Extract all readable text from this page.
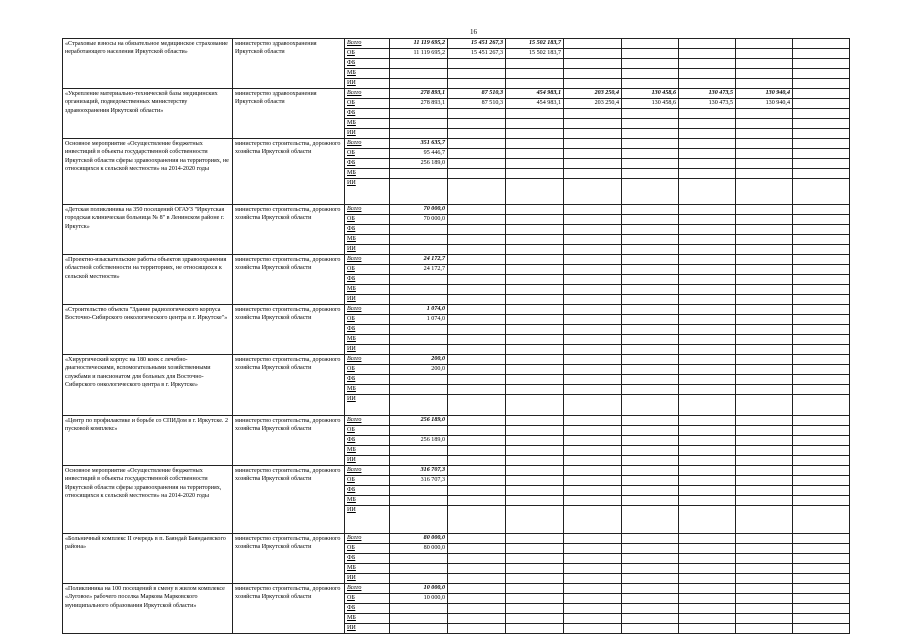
16
«Страховые взносы на обязательное медицинское страхование неработающего населения Иркутской области»	министерство здравоохранения Иркутской области	Всего	11 119 695,2	15 451 267,3	15 502 183,7					
		ОБ	11 119 695,2	15 451 267,3	15 502 183,7					
		ФБ								
		МБ								
		ИИ								
«Укрепление материально-технической базы медицинских организаций, подведомственных министерству здравоохранения Иркутской области»	министерство здравоохранения Иркутской области	Всего	278 893,1	87 510,3	454 983,1	203 250,4	130 458,6	130 473,5	130 940,4	
		ОБ	278 893,1	87 510,3	454 983,1	203 250,4	130 458,6	130 473,5	130 940,4	
		ФБ								
		МБ								
		ИИ								
Основное мероприятие «Осуществление бюджетных инвестиций в объекты государственной собственности Иркутской области сферы здравоохранения на территориях, не относящихся к сельской местности» на 2014-2020 годы	министерство строительства, дорожного хозяйства Иркутской области	Всего	351 635,7							
		ОБ	95 446,7							
		ФБ	256 189,0							
		МБ								
		ИИ								
«Детская поликлиника на 350 посещений ОГАУЗ "Иркутская городская клиническая больница № 8" в Ленинском районе г. Иркутск»	министерство строительства, дорожного хозяйства Иркутской области	Всего	70 000,0							
		ОБ	70 000,0							
		ФБ								
		МБ								
		ИИ								
«Проектно-изыскательские работы объектов здравоохранения областной собственности на территориях, не относящихся к сельской местности»	министерство строительства, дорожного хозяйства Иркутской области	Всего	24 172,7							
		ОБ	24 172,7							
		ФБ								
		МБ								
		ИИ								
«Строительство объекта "Здание радиологического корпуса Восточно-Сибирского онкологического центра в г. Иркутске"»	министерство строительства, дорожного хозяйства Иркутской области	Всего	1 074,0							
		ОБ	1 074,0							
		ФБ								
		МБ								
		ИИ								
«Хирургический корпус на 180 коек с лечебно-диагностическими, вспомогательными хозяйственными службами и пансионатом для больных для Восточно-Сибирского онкологического центра в г. Иркутске»	министерство строительства, дорожного хозяйства Иркутской области	Всего	200,0							
		ОБ	200,0							
		ФБ								
		МБ								
		ИИ								
«Центр по профилактике и борьбе со СПИДом в г. Иркутске. 2 пусковой комплекс»	министерство строительства, дорожного хозяйства Иркутской области	Всего	256 189,0							
		ОБ								
		ФБ	256 189,0							
		МБ								
		ИИ								
Основное мероприятие «Осуществление бюджетных инвестиций в объекты государственной собственности Иркутской области сферы здравоохранения на территориях, относящихся к сельской местности» на 2014-2020 годы	министерство строительства, дорожного хозяйства Иркутской области	Всего	316 707,3							
		ОБ	316 707,3							
		ФБ								
		МБ								
		ИИ								
«Больничный комплекс II очередь в п. Баяндай Баяндаевского района»	министерство строительства, дорожного хозяйства Иркутской области	Всего	80 000,0							
		ОБ	80 000,0							
		ФБ								
		МБ								
		ИИ								
«Поликлиника на 100 посещений в смену в жилом комплексе «Луговое» рабочего поселка Маркова Марковского муниципального образования Иркутской области»	министерство строительства, дорожного хозяйства Иркутской области	Всего	10 000,0							
		ОБ	10 000,0							
		ФБ								
		МБ								
		ИИ								
